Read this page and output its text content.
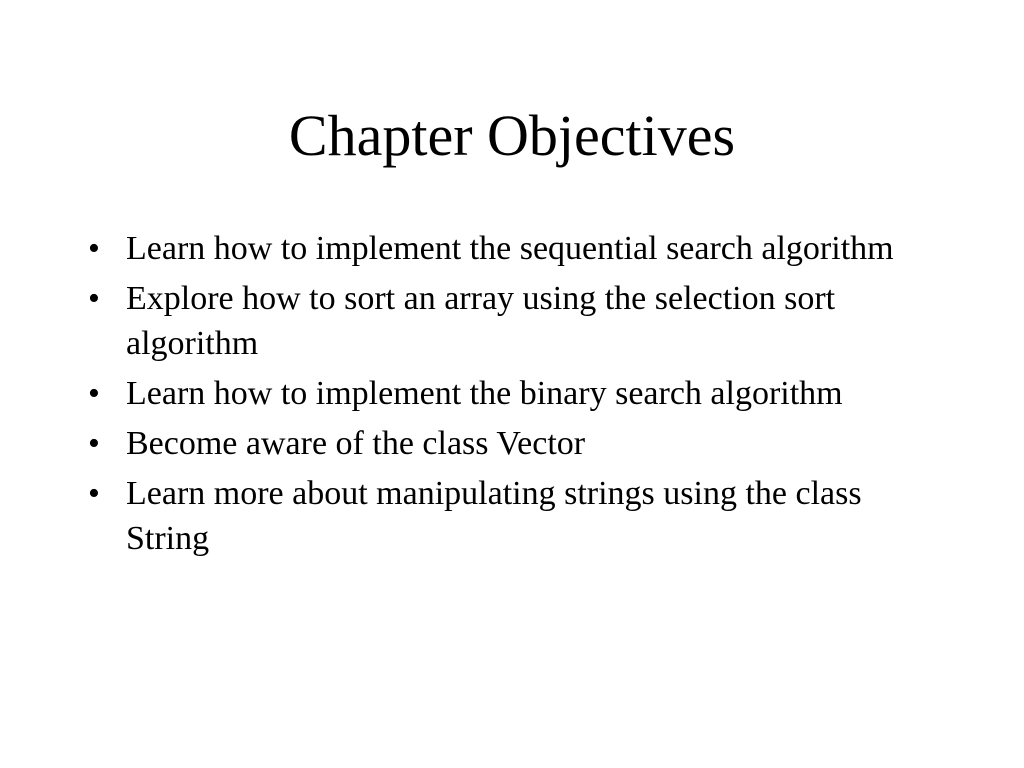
Chapter Objectives
• Learn how to implement the sequential search algorithm
• Explore how to sort an array using the selection sort algorithm
• Learn how to implement the binary search algorithm
• Become aware of the class Vector
• Learn more about manipulating strings using the class String
